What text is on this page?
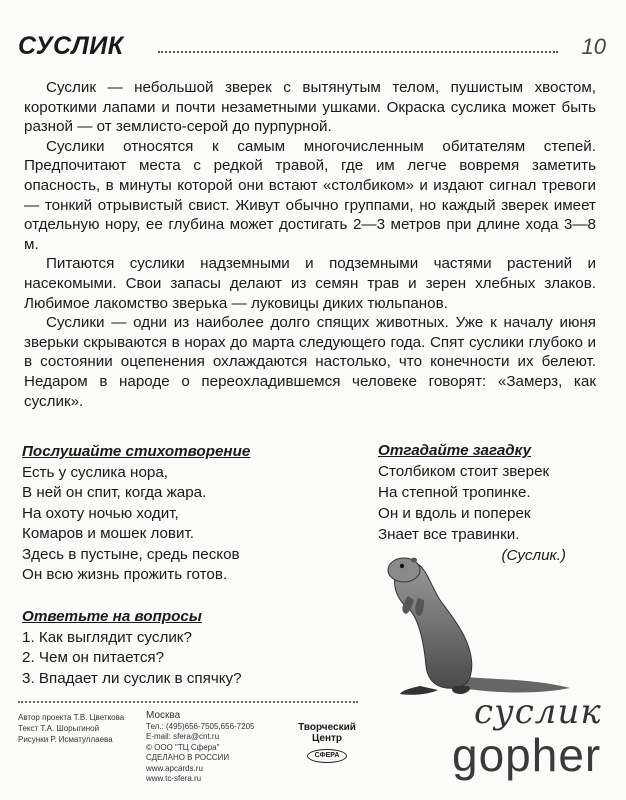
СУСЛИК	10

Суслик — небольшой зверек с вытянутым телом, пушистым хвостом, короткими лапами и почти незаметными ушками. Окраска суслика может быть разной — от землисто-серой до пурпурной.

Суслики относятся к самым многочисленным обитателям степей. Предпочитают места с редкой травой, где им легче вовремя заметить опасность, в минуты которой они встают «столбиком» и издают сигнал тревоги — тонкий отрывистый свист. Живут обычно группами, но каждый зверек имеет отдельную нору, ее глубина может достигать 2—3 метров при длине хода 3—8 м.

Питаются суслики надземными и подземными частями растений и насекомыми. Свои запасы делают из семян трав и зерен хлебных злаков. Любимое лакомство зверька — луковицы диких тюльпанов.

Суслики — одни из наиболее долго спящих животных. Уже к началу июня зверьки скрываются в норах до марта следующего года. Спят суслики глубоко и в состоянии оцепенения охлаждаются настолько, что конечности их белеют. Недаром в народе о переохладившемся человеке говорят: «Замерз, как суслик».

Послушайте стихотворение
Есть у суслика нора,
В ней он спит, когда жара.
На охоту ночью ходит,
Комаров и мошек ловит.
Здесь в пустыне, средь песков
Он всю жизнь прожить готов.
Ответьте на вопросы
1. Как выглядит суслик?
2. Чем он питается?
3. Впадает ли суслик в спячку?
Отгадайте загадку
Столбиком стоит зверек
На степной тропинке.
Он и вдоль и поперек
Знает все травинки.
(Суслик.)
Автор проекта Т.В. Цветкова
Текст Т.А. Шорыгиной
Рисунки Р. Исматуллаева
Москва
Тел.: (495)656-7505,656-7205
E-mail: sfera@cnt.ru
© ООО "ТЦ Сфера"
СДЕЛАНО В РОССИИ
www.apcards.ru
www.tc-sfera.ru
Творческий
Центр
СФЕРА
суслик
gopher
